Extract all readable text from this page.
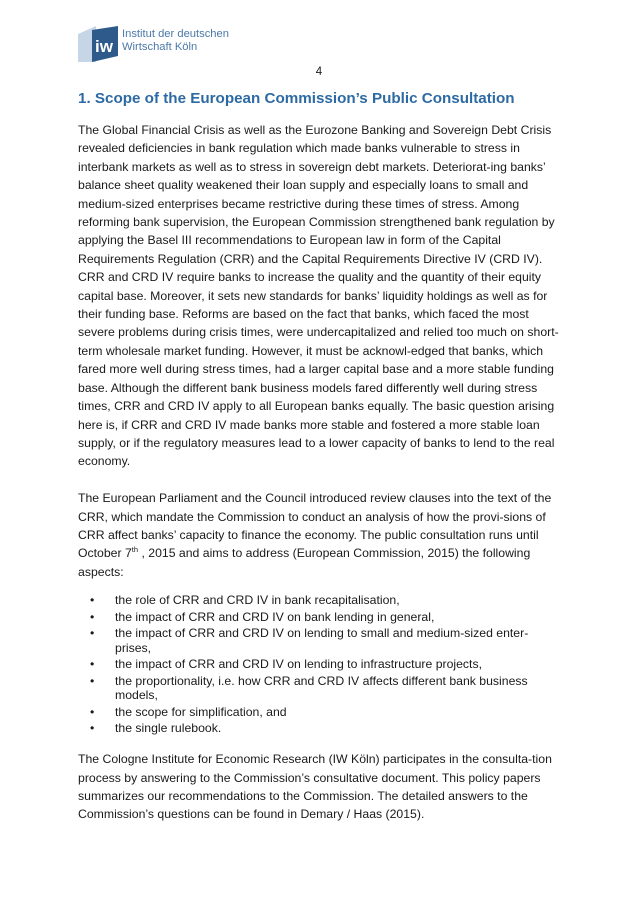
iw
Institut der deutschen
Wirtschaft Köln
4
1. Scope of the European Commission’s Public Consultation

The Global Financial Crisis as well as the Eurozone Banking and Sovereign Debt Crisis revealed deficiencies in bank regulation which made banks vulnerable to stress in interbank markets as well as to stress in sovereign debt markets. Deteriorat-ing banks’ balance sheet quality weakened their loan supply and especially loans to small and medium-sized enterprises became restrictive during these times of stress. Among reforming bank supervision, the European Commission strengthened bank regulation by applying the Basel III recommendations to European law in form of the Capital Requirements Regulation (CRR) and the Capital Requirements Directive IV (CRD IV). CRR and CRD IV require banks to increase the quality and the quantity of their equity capital base. Moreover, it sets new standards for banks’ liquidity holdings as well as for their funding base. Reforms are based on the fact that banks, which faced the most severe problems during crisis times, were undercapitalized and relied too much on short-term wholesale market funding. However, it must be acknowl-edged that banks, which fared more well during stress times, had a larger capital base and a more stable funding base. Although the different bank business models fared differently well during stress times, CRR and CRD IV apply to all European banks equally. The basic question arising here is, if CRR and CRD IV made banks more stable and fostered a more stable loan supply, or if the regulatory measures lead to a lower capacity of banks to lend to the real economy.

The European Parliament and the Council introduced review clauses into the text of the CRR, which mandate the Commission to conduct an analysis of how the provi-sions of CRR affect banks’ capacity to finance the economy. The public consultation runs until October 7th , 2015 and aims to address (European Commission, 2015) the following aspects:

• the role of CRR and CRD IV in bank recapitalisation,
• the impact of CRR and CRD IV on bank lending in general,
• the impact of CRR and CRD IV on lending to small and medium-sized enter-prises,
• the impact of CRR and CRD IV on lending to infrastructure projects,
• the proportionality, i.e. how CRR and CRD IV affects different bank business models,
• the scope for simplification, and
• the single rulebook.

The Cologne Institute for Economic Research (IW Köln) participates in the consulta-tion process by answering to the Commission’s consultative document. This policy papers summarizes our recommendations to the Commission. The detailed answers to the Commission’s questions can be found in Demary / Haas (2015).
